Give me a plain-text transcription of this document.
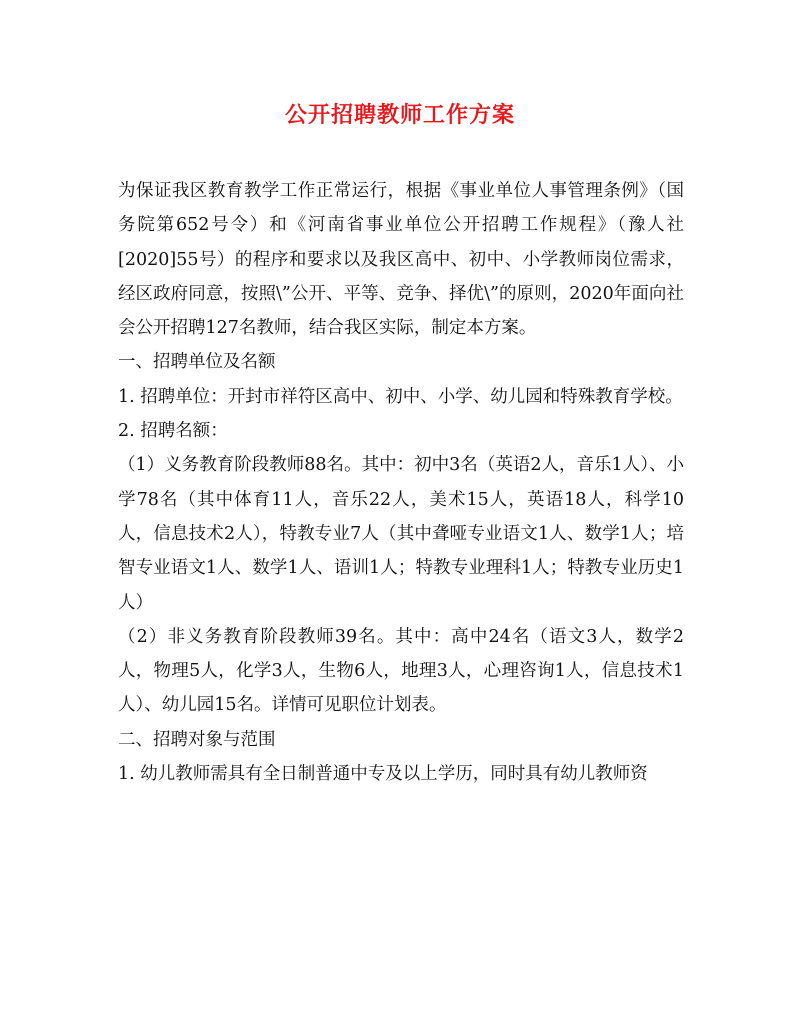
公开招聘教师工作方案

为保证我区教育教学工作正常运行，根据《事业单位人事管理条例》（国务院第652号令）和《河南省事业单位公开招聘工作规程》（豫人社[2020]55号）的程序和要求以及我区高中、初中、小学教师岗位需求，经区政府同意，按照\”公开、平等、竞争、择优\”的原则，2020年面向社会公开招聘127名教师，结合我区实际，制定本方案。

一、招聘单位及名额

1. 招聘单位：开封市祥符区高中、初中、小学、幼儿园和特殊教育学校。

2. 招聘名额：

（1）义务教育阶段教师88名。其中：初中3名（英语2人，音乐1人）、小学78名（其中体育11人，音乐22人，美术15人，英语18人，科学10人，信息技术2人），特教专业7人（其中聋哑专业语文1人、数学1人；培智专业语文1人、数学1人、语训1人；特教专业理科1人；特教专业历史1人）

（2）非义务教育阶段教师39名。其中：高中24名（语文3人，数学2人，物理5人，化学3人，生物6人，地理3人，心理咨询1人，信息技术1人）、幼儿园15名。详情可见职位计划表。

二、招聘对象与范围

1. 幼儿教师需具有全日制普通中专及以上学历，同时具有幼儿教师资
